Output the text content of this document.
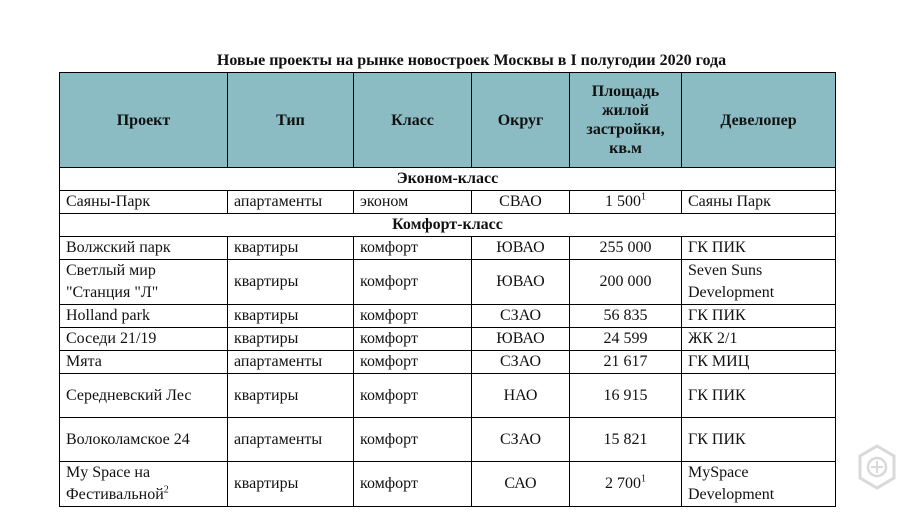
Новые проекты на рынке новостроек Москвы в I полугодии 2020 года
Проект	Тип	Класс	Округ	Площадь жилой застройки, кв.м	Девелопер
Эконом-класс					
Саяны-Парк	апартаменты	эконом	СВАО	1 $500^1$	Саяны Парк
Комфорт-класс					
Волжский парк	квартиры	комфорт	ЮВАО	255 000	ГК ПИК
Светлый мир "Станция "Л"	квартиры	комфорт	ЮВАО	200 000	Seven Suns Development
Holland park	квартиры	комфорт	СЗАО	56 835	ГК ПИК
Соседи 21/19	квартиры	комфорт	ЮВАО	24 599	ЖК 2/1
Мята	апартаменты	комфорт	СЗАО	21 617	ГК МИЦ
Середневский Лес	квартиры	комфорт	НАО	16 915	ГК ПИК
Волоколамское 24	апартаменты	комфорт	СЗАО	15 821	ГК ПИК
My Space на Фестивальной$^2$	квартиры	комфорт	САО	2 $700^1$	MySpace Development
